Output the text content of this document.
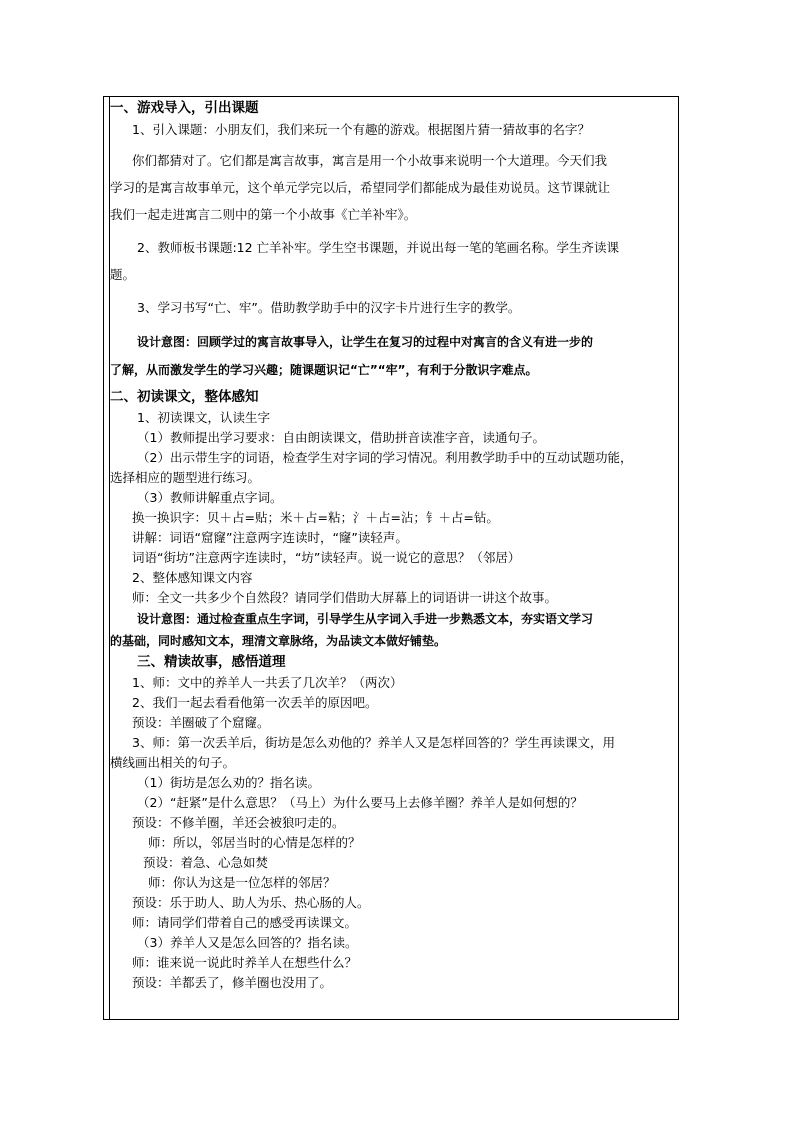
一、游戏导入，引出课题
1、引入课题：小朋友们，我们来玩一个有趣的游戏。根据图片猜一猜故事的名字？
你们都猜对了。它们都是寓言故事，寓言是用一个小故事来说明一个大道理。今天们我
学习的是寓言故事单元，这个单元学完以后，希望同学们都能成为最佳劝说员。这节课就让
我们一起走进寓言二则中的第一个小故事《亡羊补牢》。
2、教师板书课题:12 亡羊补牢。学生空书课题，并说出每一笔的笔画名称。学生齐读课
题。
3、学习书写“亡、牢”。借助教学助手中的汉字卡片进行生字的教学。
设计意图：回顾学过的寓言故事导入，让学生在复习的过程中对寓言的含义有进一步的
了解，从而激发学生的学习兴趣；随课题识记“亡”“牢”，有利于分散识字难点。
二、初读课文，整体感知
1、初读课文，认读生字
（1）教师提出学习要求：自由朗读课文，借助拼音读准字音，读通句子。
（2）出示带生字的词语，检查学生对字词的学习情况。利用教学助手中的互动试题功能，
选择相应的题型进行练习。
（3）教师讲解重点字词。
换一换识字：贝＋占=贴；米＋占=粘；氵＋占=沾；钅＋占=钻。
讲解：词语“窟窿”注意两字连读时，“窿”读轻声。
词语“街坊”注意两字连读时，“坊”读轻声。说一说它的意思？（邻居）
2、整体感知课文内容
师：全文一共多少个自然段？请同学们借助大屏幕上的词语讲一讲这个故事。
设计意图：通过检查重点生字词，引导学生从字词入手进一步熟悉文本，夯实语文学习
的基础，同时感知文本，理清文章脉络，为品读文本做好铺垫。
三、精读故事，感悟道理
1、师：文中的养羊人一共丢了几次羊？（两次）
2、我们一起去看看他第一次丢羊的原因吧。
预设：羊圈破了个窟窿。
3、师：第一次丢羊后，街坊是怎么劝他的？养羊人又是怎样回答的？学生再读课文，用
横线画出相关的句子。
（1）街坊是怎么劝的？指名读。
（2）“赶紧”是什么意思？（马上）为什么要马上去修羊圈？养羊人是如何想的？
预设：不修羊圈，羊还会被狼叼走的。
师：所以，邻居当时的心情是怎样的？
预设：着急、心急如焚
师：你认为这是一位怎样的邻居？
预设：乐于助人、助人为乐、热心肠的人。
师：请同学们带着自己的感受再读课文。
（3）养羊人又是怎么回答的？指名读。
师：谁来说一说此时养羊人在想些什么？
预设：羊都丢了，修羊圈也没用了。
